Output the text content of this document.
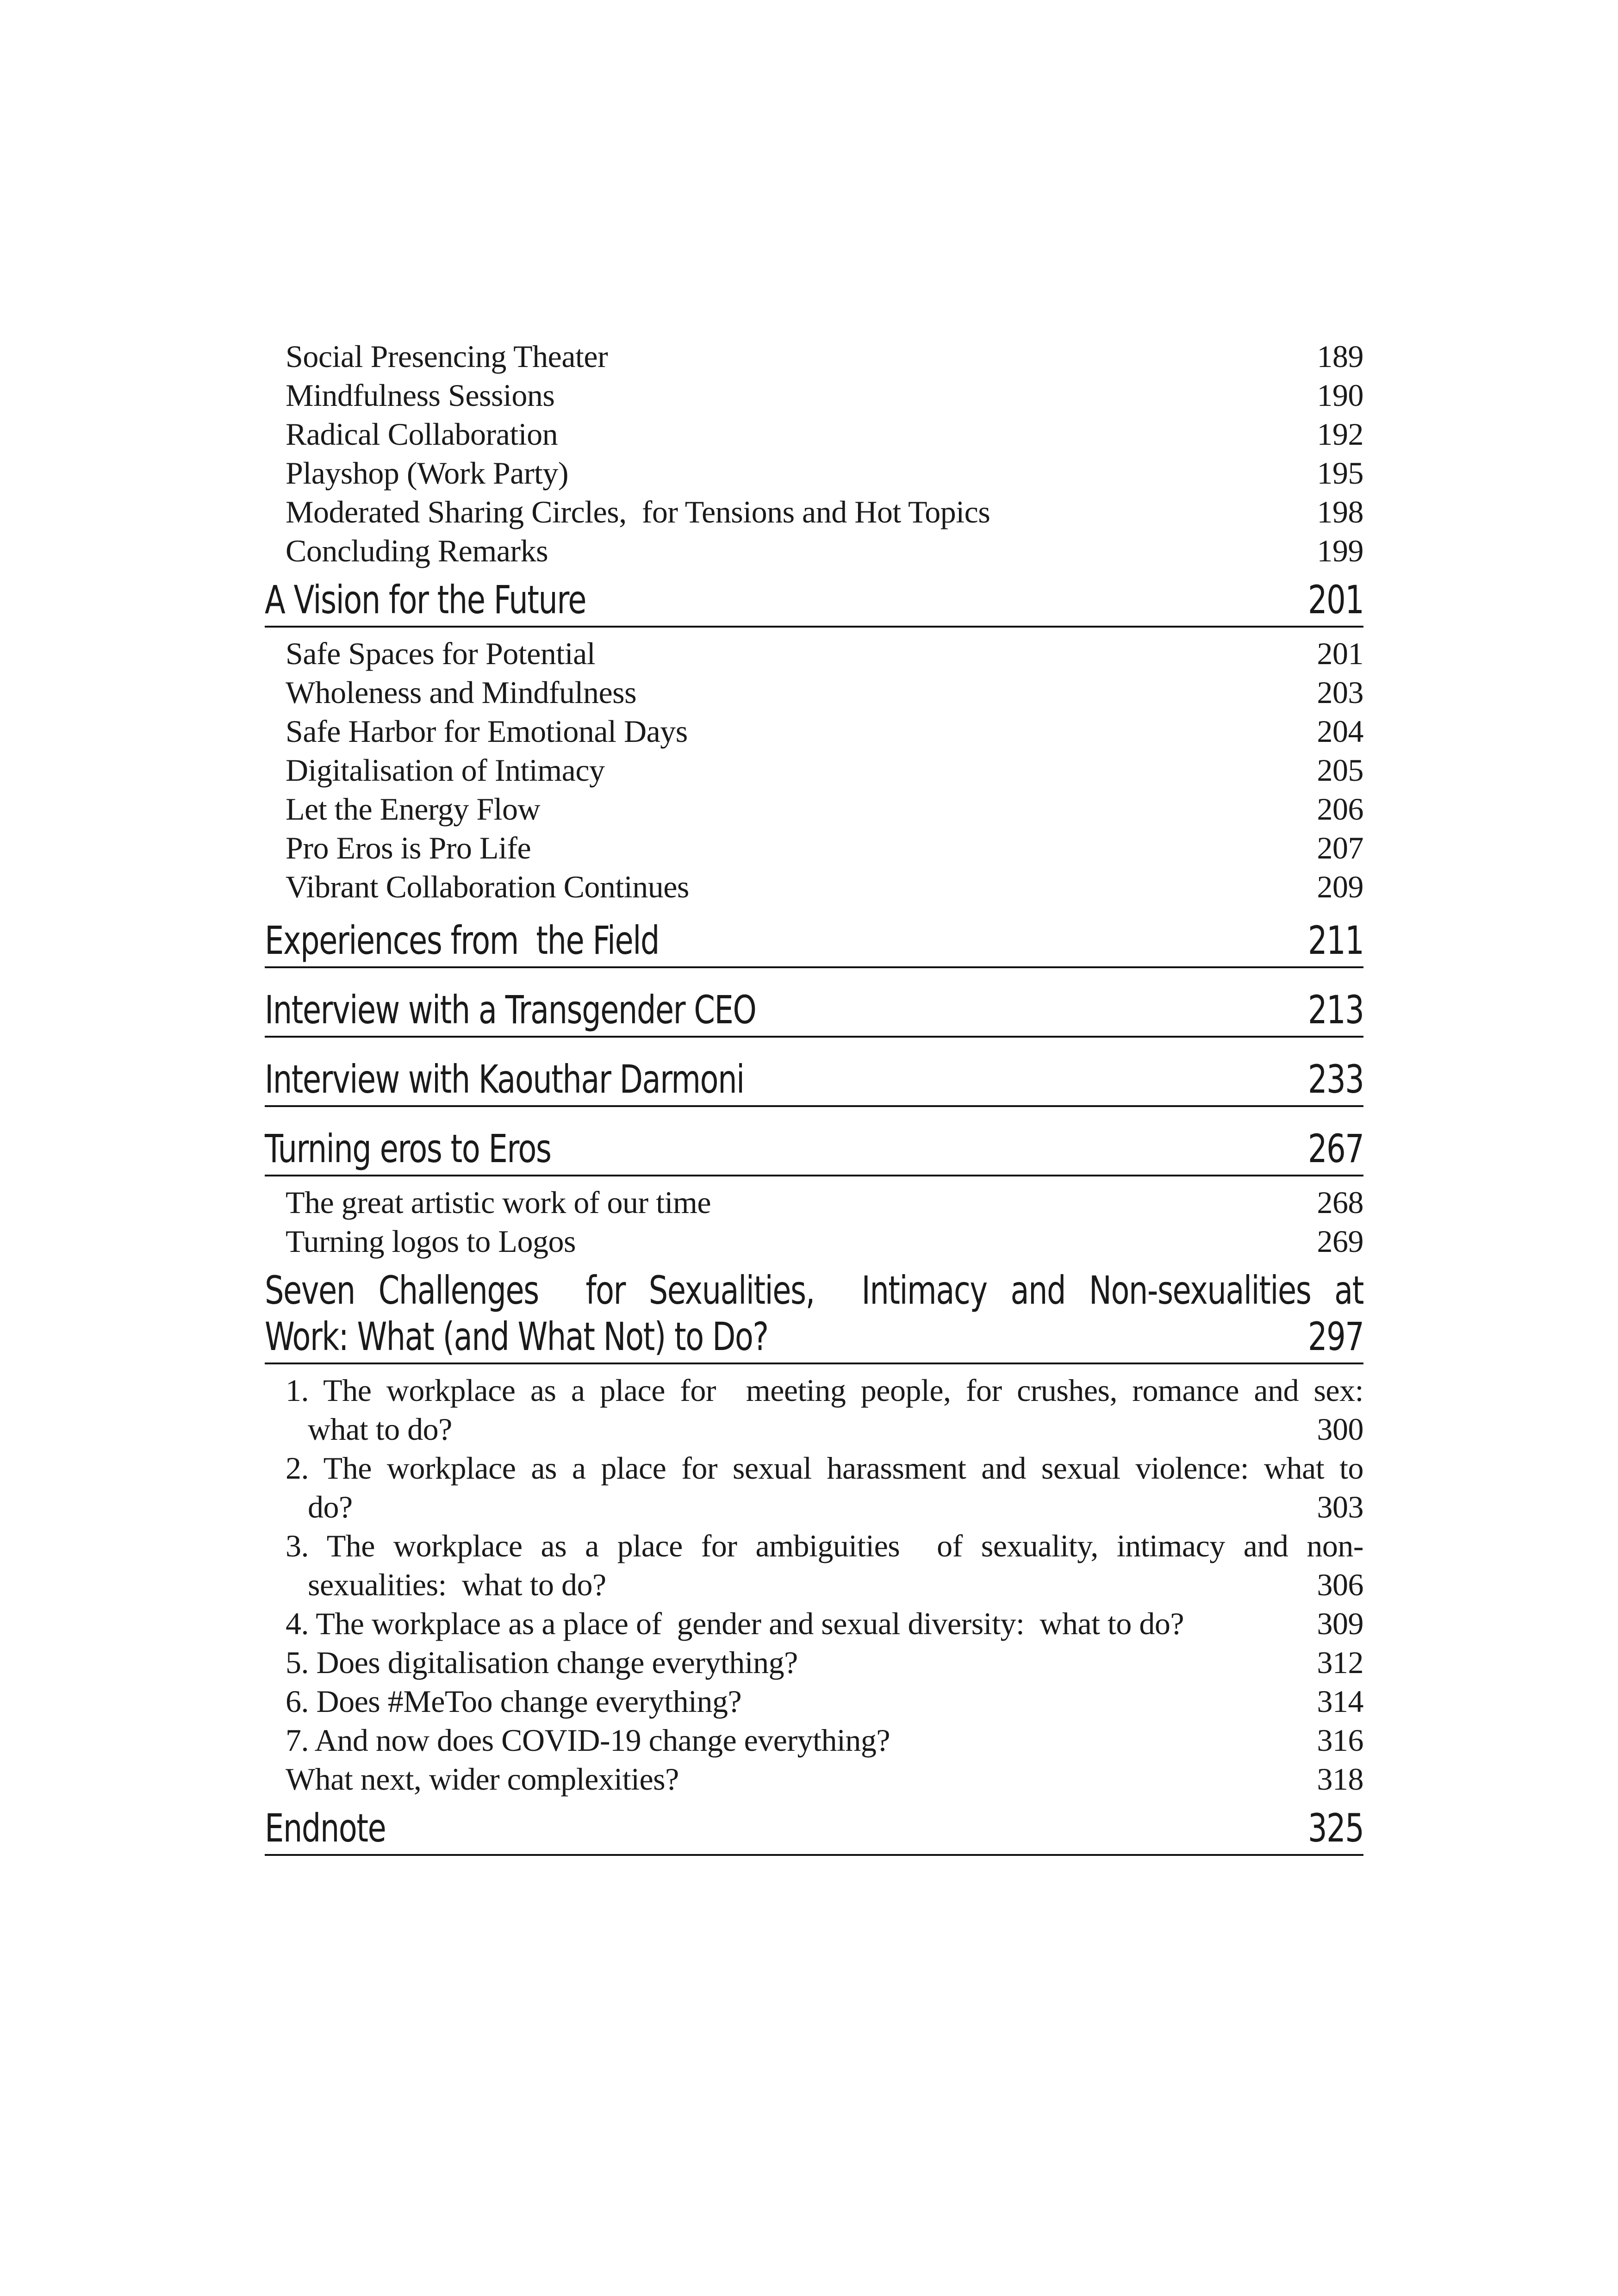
Social Presencing Theater	189
Mindfulness Sessions	190
Radical Collaboration	192
Playshop (Work Party)	195
Moderated Sharing Circles,  for Tensions and Hot Topics	198
Concluding Remarks	199
A Vision for the Future	201
Safe Spaces for Potential	201
Wholeness and Mindfulness	203
Safe Harbor for Emotional Days	204
Digitalisation of Intimacy	205
Let the Energy Flow	206
Pro Eros is Pro Life	207
Vibrant Collaboration Continues	209
Experiences from  the Field	211
Interview with a Transgender CEO	213
Interview with Kaouthar Darmoni	233
Turning eros to Eros	267
The great artistic work of our time	268
Turning logos to Logos	269
Seven Challenges  for Sexualities,  Intimacy and Non-sexualities at
Work: What (and What Not) to Do?	297
1. The workplace as a place for  meeting people, for crushes, romance and sex:
what to do?	300
2. The workplace as a place for sexual harassment and sexual violence: what to
do?	303
3. The workplace as a place for ambiguities  of sexuality, intimacy and non-
sexualities:  what to do?	306
4. The workplace as a place of  gender and sexual diversity:  what to do?	309
5. Does digitalisation change everything?	312
6. Does #MeToo change everything?	314
7. And now does COVID-19 change everything?	316
What next, wider complexities?	318
Endnote	325
